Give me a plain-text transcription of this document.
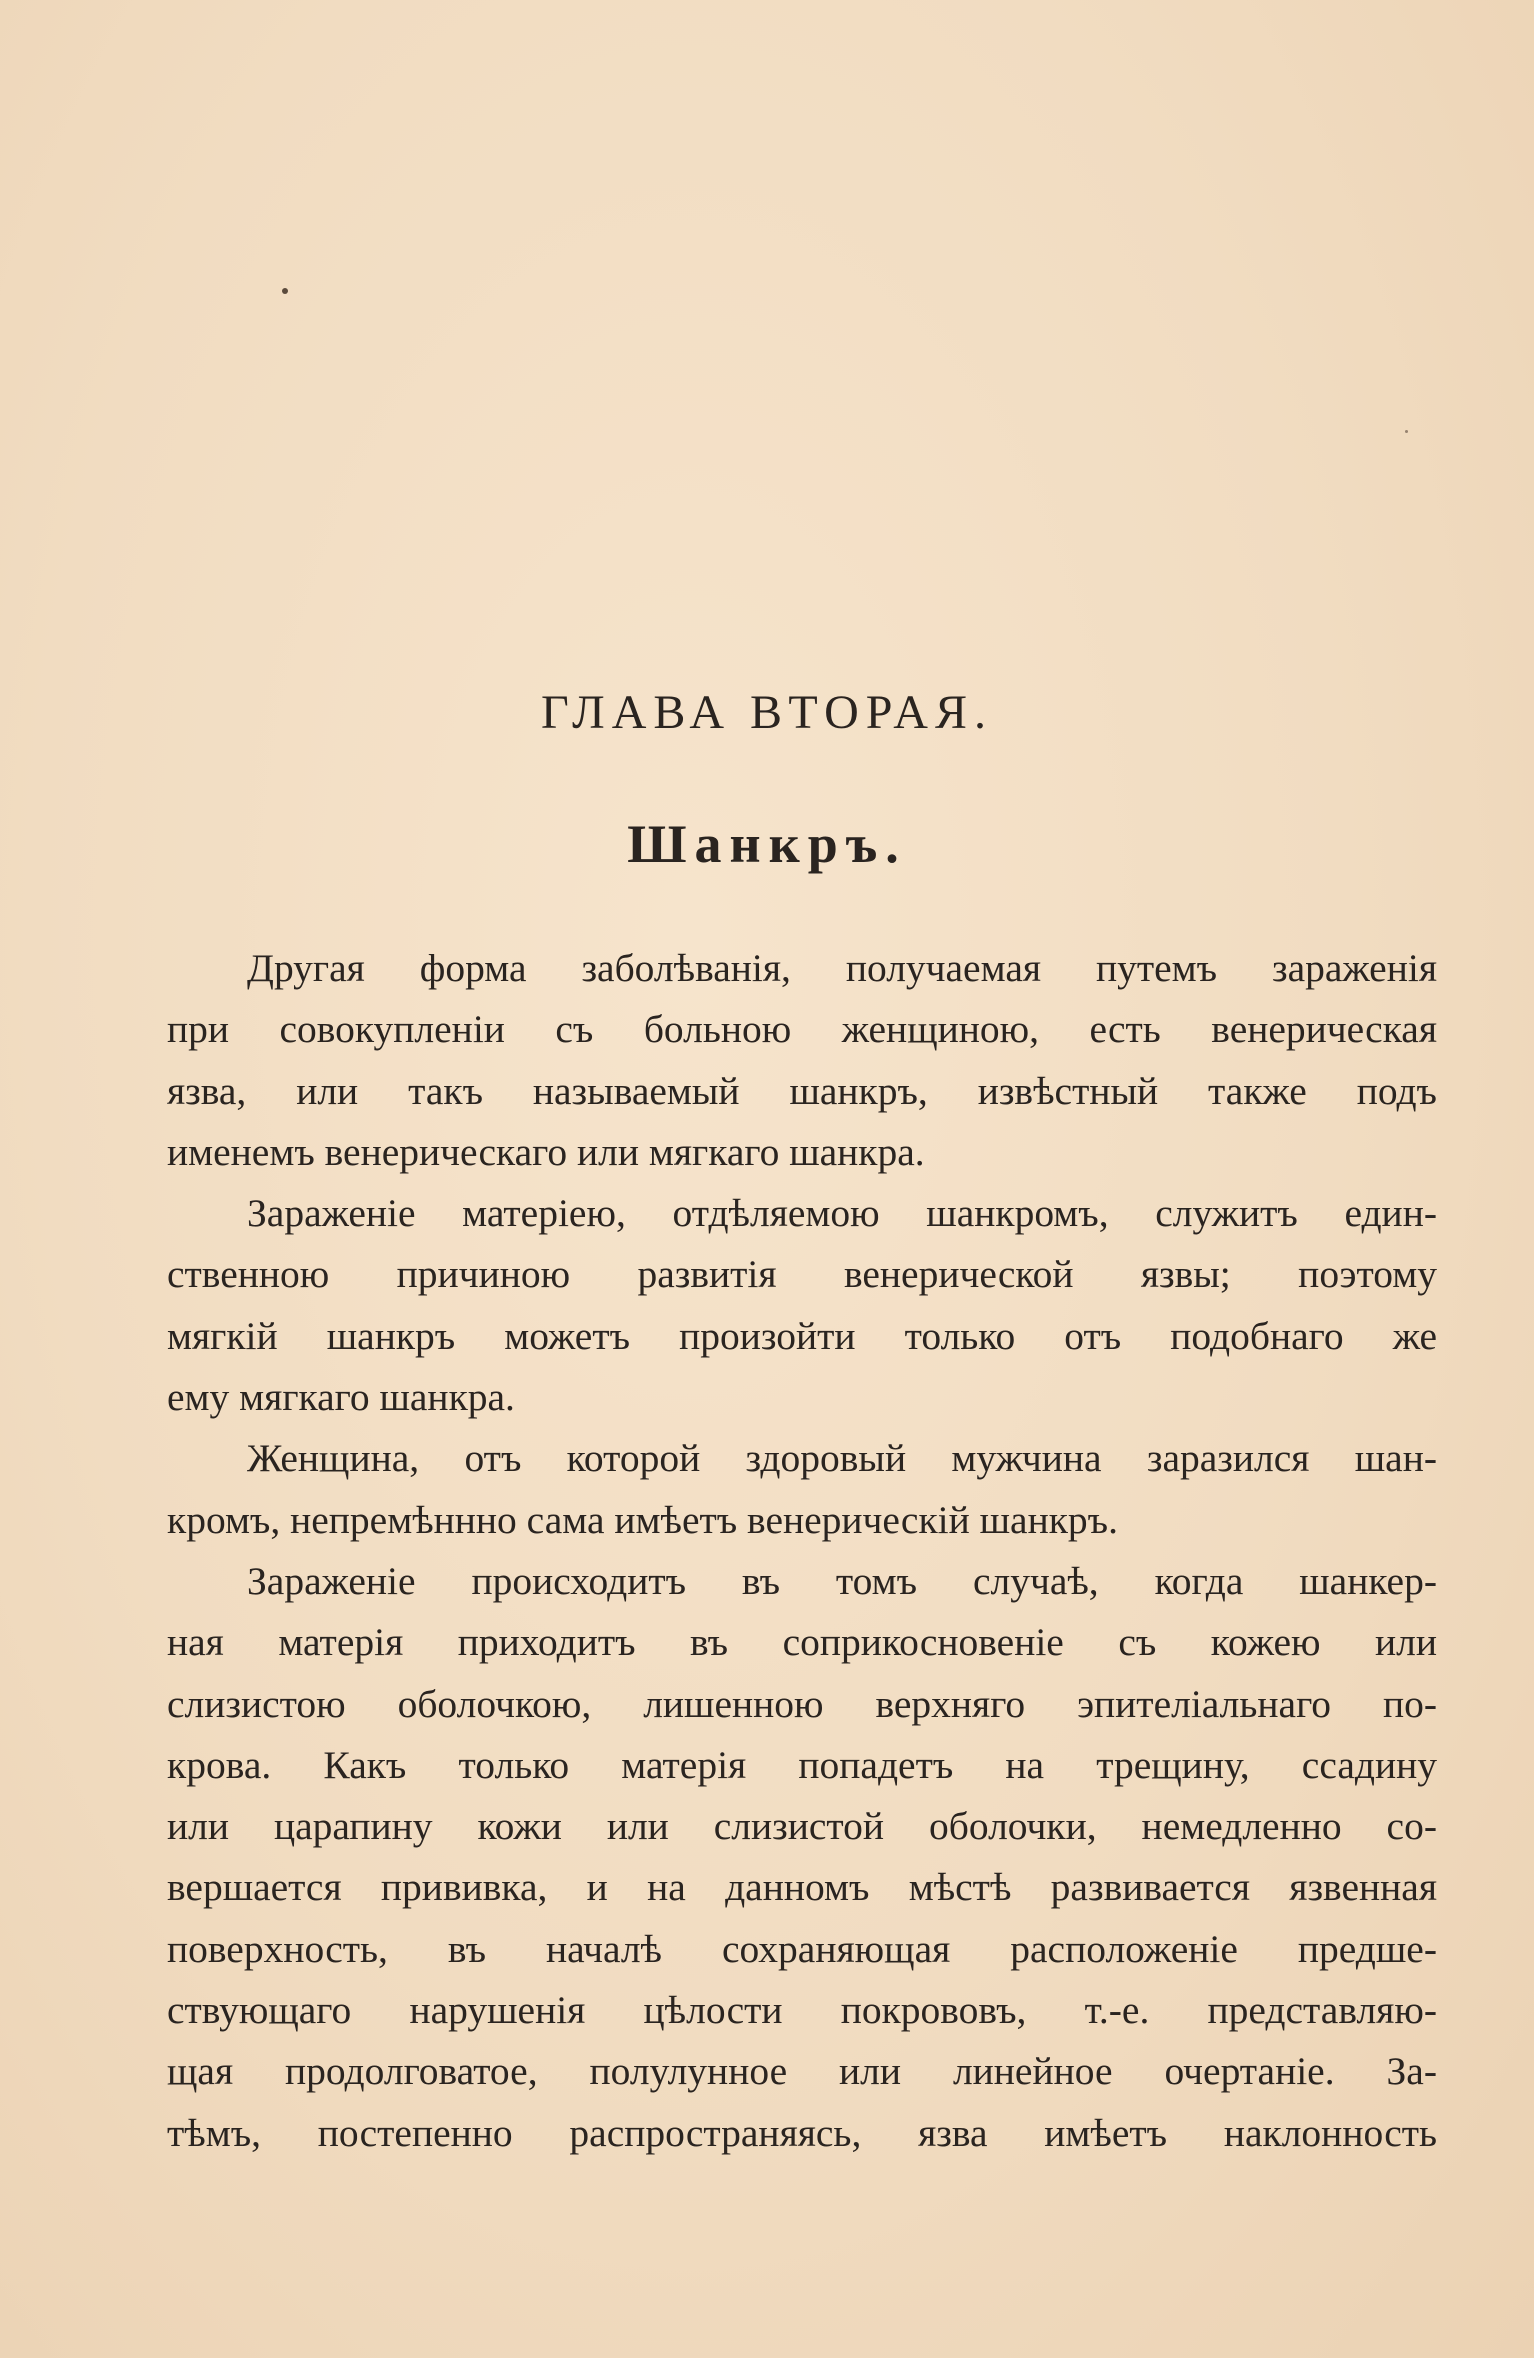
ГЛАВА ВТОРАЯ.
Шанкръ.

Другая форма заболѣванія, получаемая путемъ зараженія
при совокупленіи съ больною женщиною, есть венерическая
язва, или такъ называемый шанкръ, извѣстный также подъ
именемъ венерическаго или мягкаго шанкра.

Зараженіе матеріею, отдѣляемою шанкромъ, служитъ един-
ственною причиною развитія венерической язвы; поэтому
мягкій шанкръ можетъ произойти только отъ подобнаго же
ему мягкаго шанкра.

Женщина, отъ которой здоровый мужчина заразился шан-
кромъ, непремѣннно сама имѣетъ венерическій шанкръ.

Зараженіе происходитъ въ томъ случаѣ, когда шанкер-
ная матерія приходитъ въ соприкосновеніе съ кожею или
слизистою оболочкою, лишенною верхняго эпителіальнаго по-
крова. Какъ только матерія попадетъ на трещину, ссадину
или царапину кожи или слизистой оболочки, немедленно со-
вершается прививка, и на данномъ мѣстѣ развивается язвенная
поверхность, въ началѣ сохраняющая расположеніе предше-
ствующаго нарушенія цѣлости покрововъ, т.-е. представляю-
щая продолговатое, полулунное или линейное очертаніе. За-
тѣмъ, постепенно распространяясь, язва имѣетъ наклонность
